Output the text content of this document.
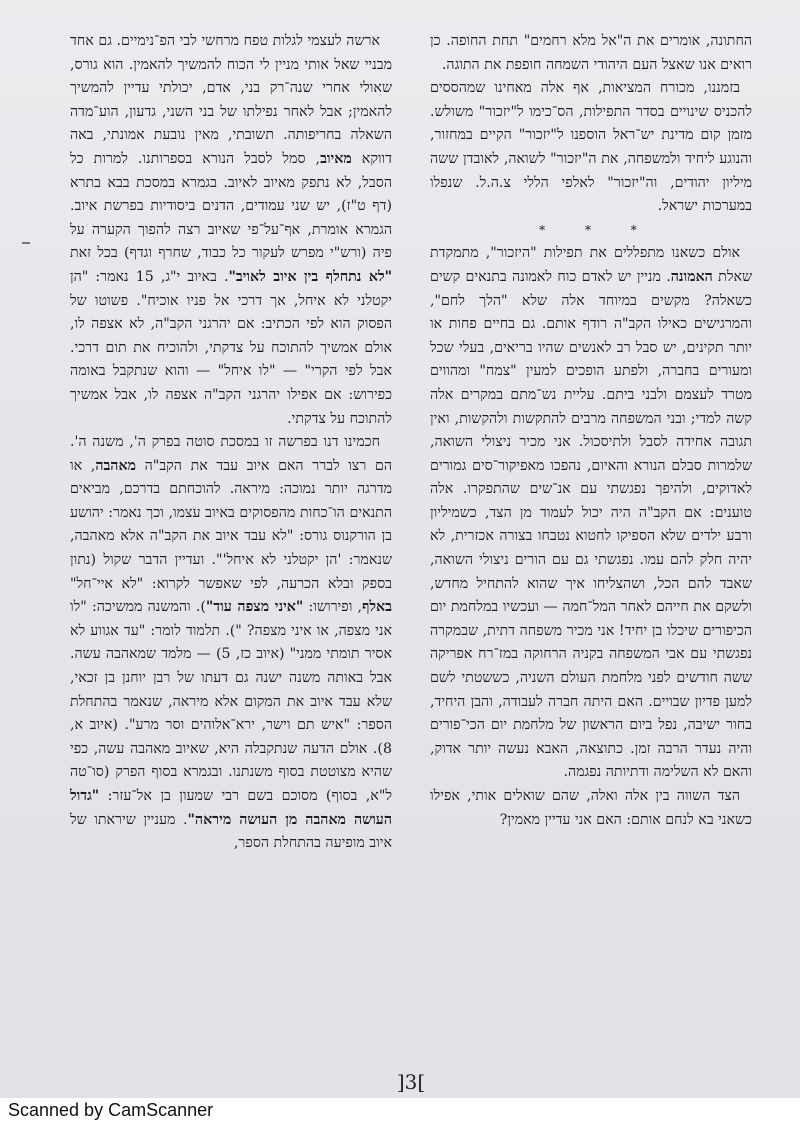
החתונה, אומרים את ה"אל מלא רחמים" תחת החופה. כן רואים אנו שאצל העם היהודי השמחה חופפת את התוגה.

בזמננו, מכורח המציאות, אף אלה מאחינו שמהססים להכניס שינויים בסדר התפילות, הס־כימו ל"יזכור" משולש. מזמן קום מדינת יש־ראל הוספנו ל"יזכור" הקיים במחזור, והנוגע ליחיד ולמשפחה, את ה"יזכור" לשואה, לאובדן ששה מיליון יהודים, וה"יזכור" לאלפי הללי צ.ה.ל. שנפלו במערכות ישראל.

* * *

אולם כשאנו מתפללים את תפילות "היזכור", מתמקדת שאלת האמונה. מניין יש לאדם כוח לאמונה בתנאים קשים כשאלה? מקשים במיוחד אלה שלא "הלך לחם", והמרגישים כאילו הקב"ה רודף אותם. גם בחיים פחות או יותר תקינים, יש סבל רב לאנשים שהיו בריאים, בעלי שכל ומעורים בחברה, ולפתע הופכים למעין "צמח" ומהווים מטרד לעצמם ולבני ביתם. עליית נש־מתם במקרים אלה קשה למדי; ובני המשפחה מרבים להתקשות ולהקשות, ואין תגובה אחידה לסבל ולתיסכול. אני מכיר ניצולי השואה, שלמרות סבלם הנורא והאיום, נהפכו מאפיקור־סים גמורים לאדוקים, ולהיפך נפגשתי עם אנ־שים שהתפקרו. אלה טוענים: אם הקב"ה היה יכול לעמוד מן הצד, כשמיליון ורבע ילדים שלא הספיקו לחטוא נטבחו בצורה אכזרית, לא יהיה חלק להם עמו. נפגשתי גם עם הורים ניצולי השואה, שאבד להם הכל, ושהצליחו איך שהוא להתחיל מחדש, ולשקם את חייהם לאחר המל־חמה — ועכשיו במלחמת יום הכיפורים שיכלו בן יחיד! אני מכיר משפחה דתית, שבמקרה נפגשתי עם אבי המשפחה בקניה הרחוקה במז־רח אפריקה ששה חודשים לפני מלחמת העולם השניה, כששטתי לשם למען פדיון שבויים. האם היתה חברה לעבודה, והבן היחיד, בחור ישיבה, נפל ביום הראשון של מלחמת יום הכי־פורים והיה נעדר הרבה זמן. כתוצאה, האבא נעשה יותר אדוק, והאם לא השלימה ודתיותה נפגמה.

הצד השווה בין אלה ואלה, שהם שואלים אותי, אפילו כשאני בא לנחם אותם: האם אני עדיין מאמין?

ארשה לעצמי לגלות טפח מרחשי לבי הפ־נימיים. גם אחד מבניי שאל אותי מניין לי הכוח להמשיך להאמין. הוא גורס, שאולי אחרי שנה־רק בני, אדם, יכולתי עדיין להמשיך להאמין; אבל לאחר נפילתו של בני השני, גדעון, הוע־מדה השאלה בחריפותה. תשובתי, מאין נובעת אמונתי, באה דווקא מאיוב, סמל לסבל הנורא בספרותנו. למרות כל הסבל, לא נתפק מאיוב לאיוב. בגמרא במסכת בבא בתרא (דף ט"ז), יש שני עמודים, הדנים ביסודיות בפרשת איוב. הגמרא אומרת, אף־על־פי שאיוב רצה להפוך הקערה על פיה (ורש"י מפרש לעקור כל כבוד, שחרף וגדף) בכל זאת "לא נתחלף בין איוב לאויב". באיוב י"ג, 15 נאמר: "הן יקטלני לא איחל, אך דרכי אל פניו אוכיח". פשוטו של הפסוק הוא לפי הכתיב: אם יהרגני הקב"ה, לא אצפה לו, אולם אמשיך להתוכח על צדקתי, ולהוכיח את תום דרכי. אבל לפי הקרי" — "לו איחל" — והוא שנתקבל באומה כפירוש: אם אפילו יהרגני הקב"ה אצפה לו, אבל אמשיך להתוכח על צדקתי.

חכמינו דנו בפרשה זו במסכת סוטה בפרק ה', משנה ה'. הם רצו לברר האם איוב עבד את הקב"ה מאהבה, או מדרגה יותר נמוכה: מיראה. להוכחתם בדרכם, מביאים התנאים הו־כחות מהפסוקים באיוב עצמו, וכך נאמר: יהושע בן הורקנוס גורס: "לא עבד איוב את הקב"ה אלא מאהבה, שנאמר: 'הן יקטלני לא איחל'". ועדיין הדבר שקול (נתון בספק ובלא הכרעה, לפי שאפשר לקרוא: "לא איי־חל" באלף, ופירושו: "איני מצפה עוד"). והמשנה ממשיכה: "לו אני מצפה, או איני מצפה? "). תלמוד לומר: "עד אגווע לא אסיר תומתי ממני" (איוב כז, 5) — מלמד שמאהבה עשה. אבל באותה משנה ישנה גם דעתו של רבן יוחנן בן זכאי, שלא עבד איוב את המקום אלא מיראה, שנאמר בהתחלת הספר: "איש תם וישר, ירא־אלוהים וסר מרע". (איוב א, 8). אולם הדעה שנתקבלה היא, שאיוב מאהבה עשה, כפי שהיא מצוטטת בסוף משנתנו. ובגמרא בסוף הפרק (סו־טה ל"א, בסוף) מסוכם בשם רבי שמעון בן אל־עזר: "גדול העושה מאהבה מן העושה מיראה". מעניין שיראתו של איוב מופיעה בהתחלת הספר,

]3[
Scanned by CamScanner
